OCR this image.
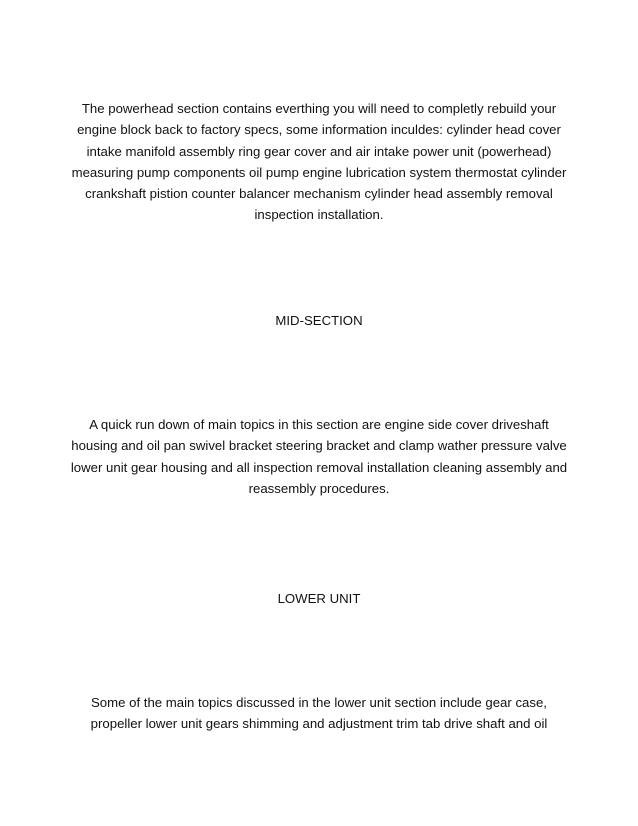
The powerhead section contains everthing you will need to completly rebuild your engine block back to factory specs, some information inculdes: cylinder head cover intake manifold assembly ring gear cover and air intake power unit (powerhead) measuring pump components oil pump engine lubrication system thermostat cylinder crankshaft pistion counter balancer mechanism cylinder head assembly removal inspection installation.
MID-SECTION
A quick run down of main topics in this section are engine side cover driveshaft housing and oil pan swivel bracket steering bracket and clamp wather pressure valve lower unit gear housing and all inspection removal installation cleaning assembly and reassembly procedures.
LOWER UNIT
Some of the main topics discussed in the lower unit section include gear case, propeller lower unit gears shimming and adjustment trim tab drive shaft and oil
